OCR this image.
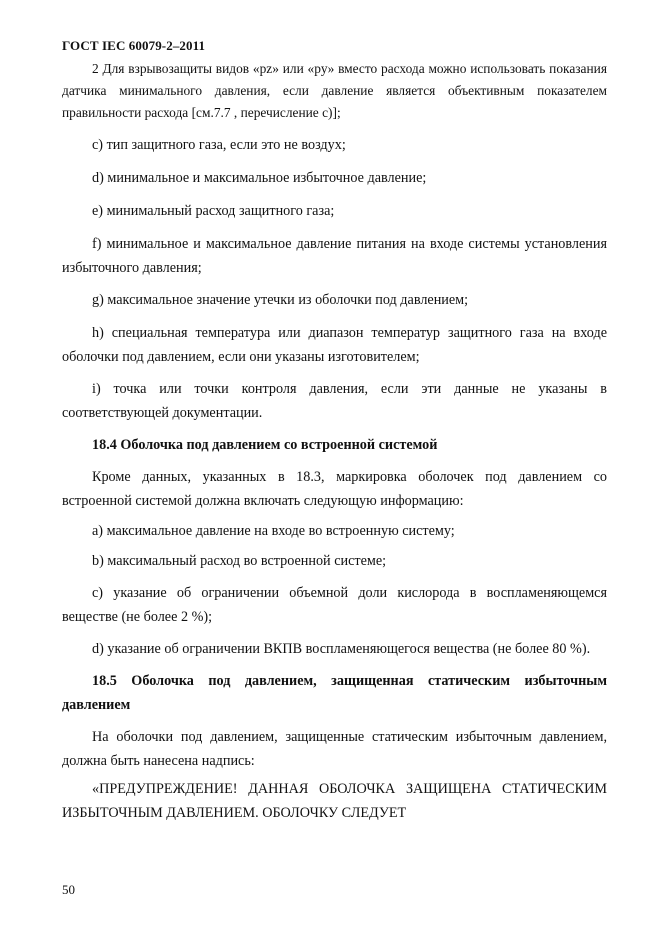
ГОСТ IEC 60079-2–2011

2 Для взрывозащиты видов «pz» или «py» вместо расхода можно использовать показания датчика минимального давления, если давление является объективным показателем правильности расхода [см.7.7 , перечисление c)];

c) тип защитного газа, если это не воздух;

d) минимальное и максимальное избыточное давление;

e) минимальный расход защитного газа;

f) минимальное и максимальное давление питания на входе системы установления избыточного давления;

g) максимальное значение утечки из оболочки под давлением;

h) специальная температура или диапазон температур защитного газа на входе оболочки под давлением, если они указаны изготовителем;

i) точка или точки контроля давления, если эти данные не указаны в соответствующей документации.

18.4 Оболочка под давлением со встроенной системой

Кроме данных, указанных в 18.3, маркировка оболочек под давлением со встроенной системой должна включать следующую информацию:

a) максимальное давление на входе во встроенную систему;

b) максимальный расход во встроенной системе;

c) указание об ограничении объемной доли кислорода в воспламеняющемся веществе (не более 2 %);

d) указание об ограничении ВКПВ воспламеняющегося вещества (не более 80 %).

18.5 Оболочка под давлением, защищенная статическим избыточным давлением

На оболочки под давлением, защищенные статическим избыточным давлением, должна быть нанесена надпись:

«ПРЕДУПРЕЖДЕНИЕ! ДАННАЯ ОБОЛОЧКА ЗАЩИЩЕНА СТАТИЧЕСКИМ ИЗБЫТОЧНЫМ ДАВЛЕНИЕМ. ОБОЛОЧКУ СЛЕДУЕТ

50
